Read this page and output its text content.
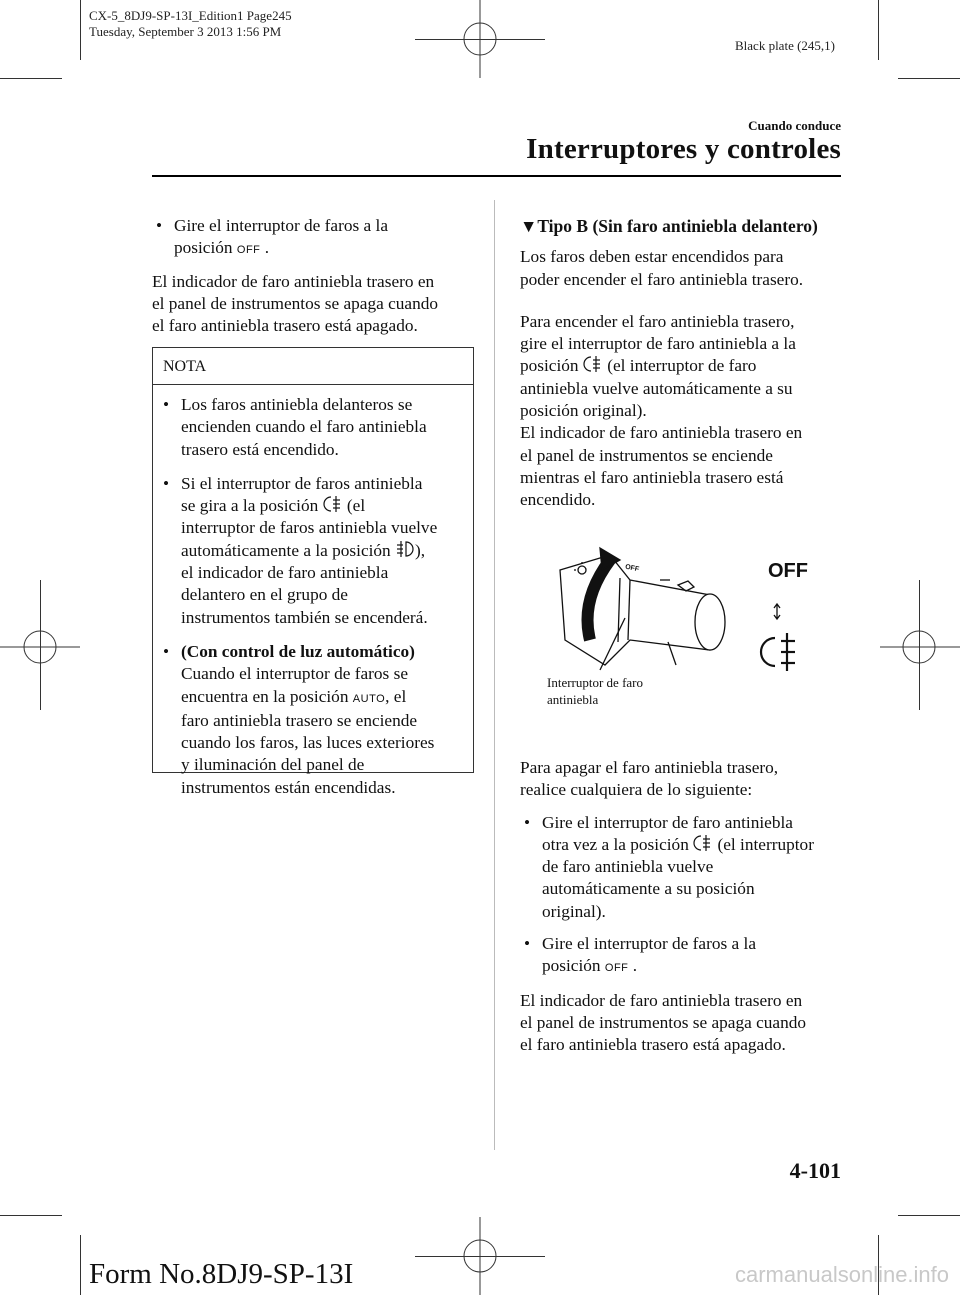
CX-5_8DJ9-SP-13I_Edition1 Page245
Tuesday, September 3 2013 1:56 PM
Black plate (245,1)
Cuando conduce
Interruptores y controles
• Gire el interruptor de faros a la
posición OFF .
El indicador de faro antiniebla trasero en
el panel de instrumentos se apaga cuando
el faro antiniebla trasero está apagado.
NOTA
• Los faros antiniebla delanteros se
encienden cuando el faro antiniebla
trasero está encendido.
• Si el interruptor de faros antiniebla
se gira a la posición (el
interruptor de faros antiniebla vuelve
automáticamente a la posición ),
el indicador de faro antiniebla
delantero en el grupo de
instrumentos también se encenderá.
• (Con control de luz automático)
Cuando el interruptor de faros se
encuentra en la posición AUTO, el
faro antiniebla trasero se enciende
cuando los faros, las luces exteriores
y iluminación del panel de
instrumentos están encendidas.
▼Tipo B (Sin faro antiniebla delantero)
Los faros deben estar encendidos para
poder encender el faro antiniebla trasero.
Para encender el faro antiniebla trasero,
gire el interruptor de faro antiniebla a la
posición (el interruptor de faro
antiniebla vuelve automáticamente a su
posición original).
El indicador de faro antiniebla trasero en
el panel de instrumentos se enciende
mientras el faro antiniebla trasero está
encendido.
OFF
OFF
Interruptor de faro
antiniebla
Para apagar el faro antiniebla trasero,
realice cualquiera de lo siguiente:
• Gire el interruptor de faro antiniebla
otra vez a la posición (el interruptor
de faro antiniebla vuelve
automáticamente a su posición
original).
• Gire el interruptor de faros a la
posición OFF .
El indicador de faro antiniebla trasero en
el panel de instrumentos se apaga cuando
el faro antiniebla trasero está apagado.
4-101
Form No.8DJ9-SP-13I	carmanualsonline.info
